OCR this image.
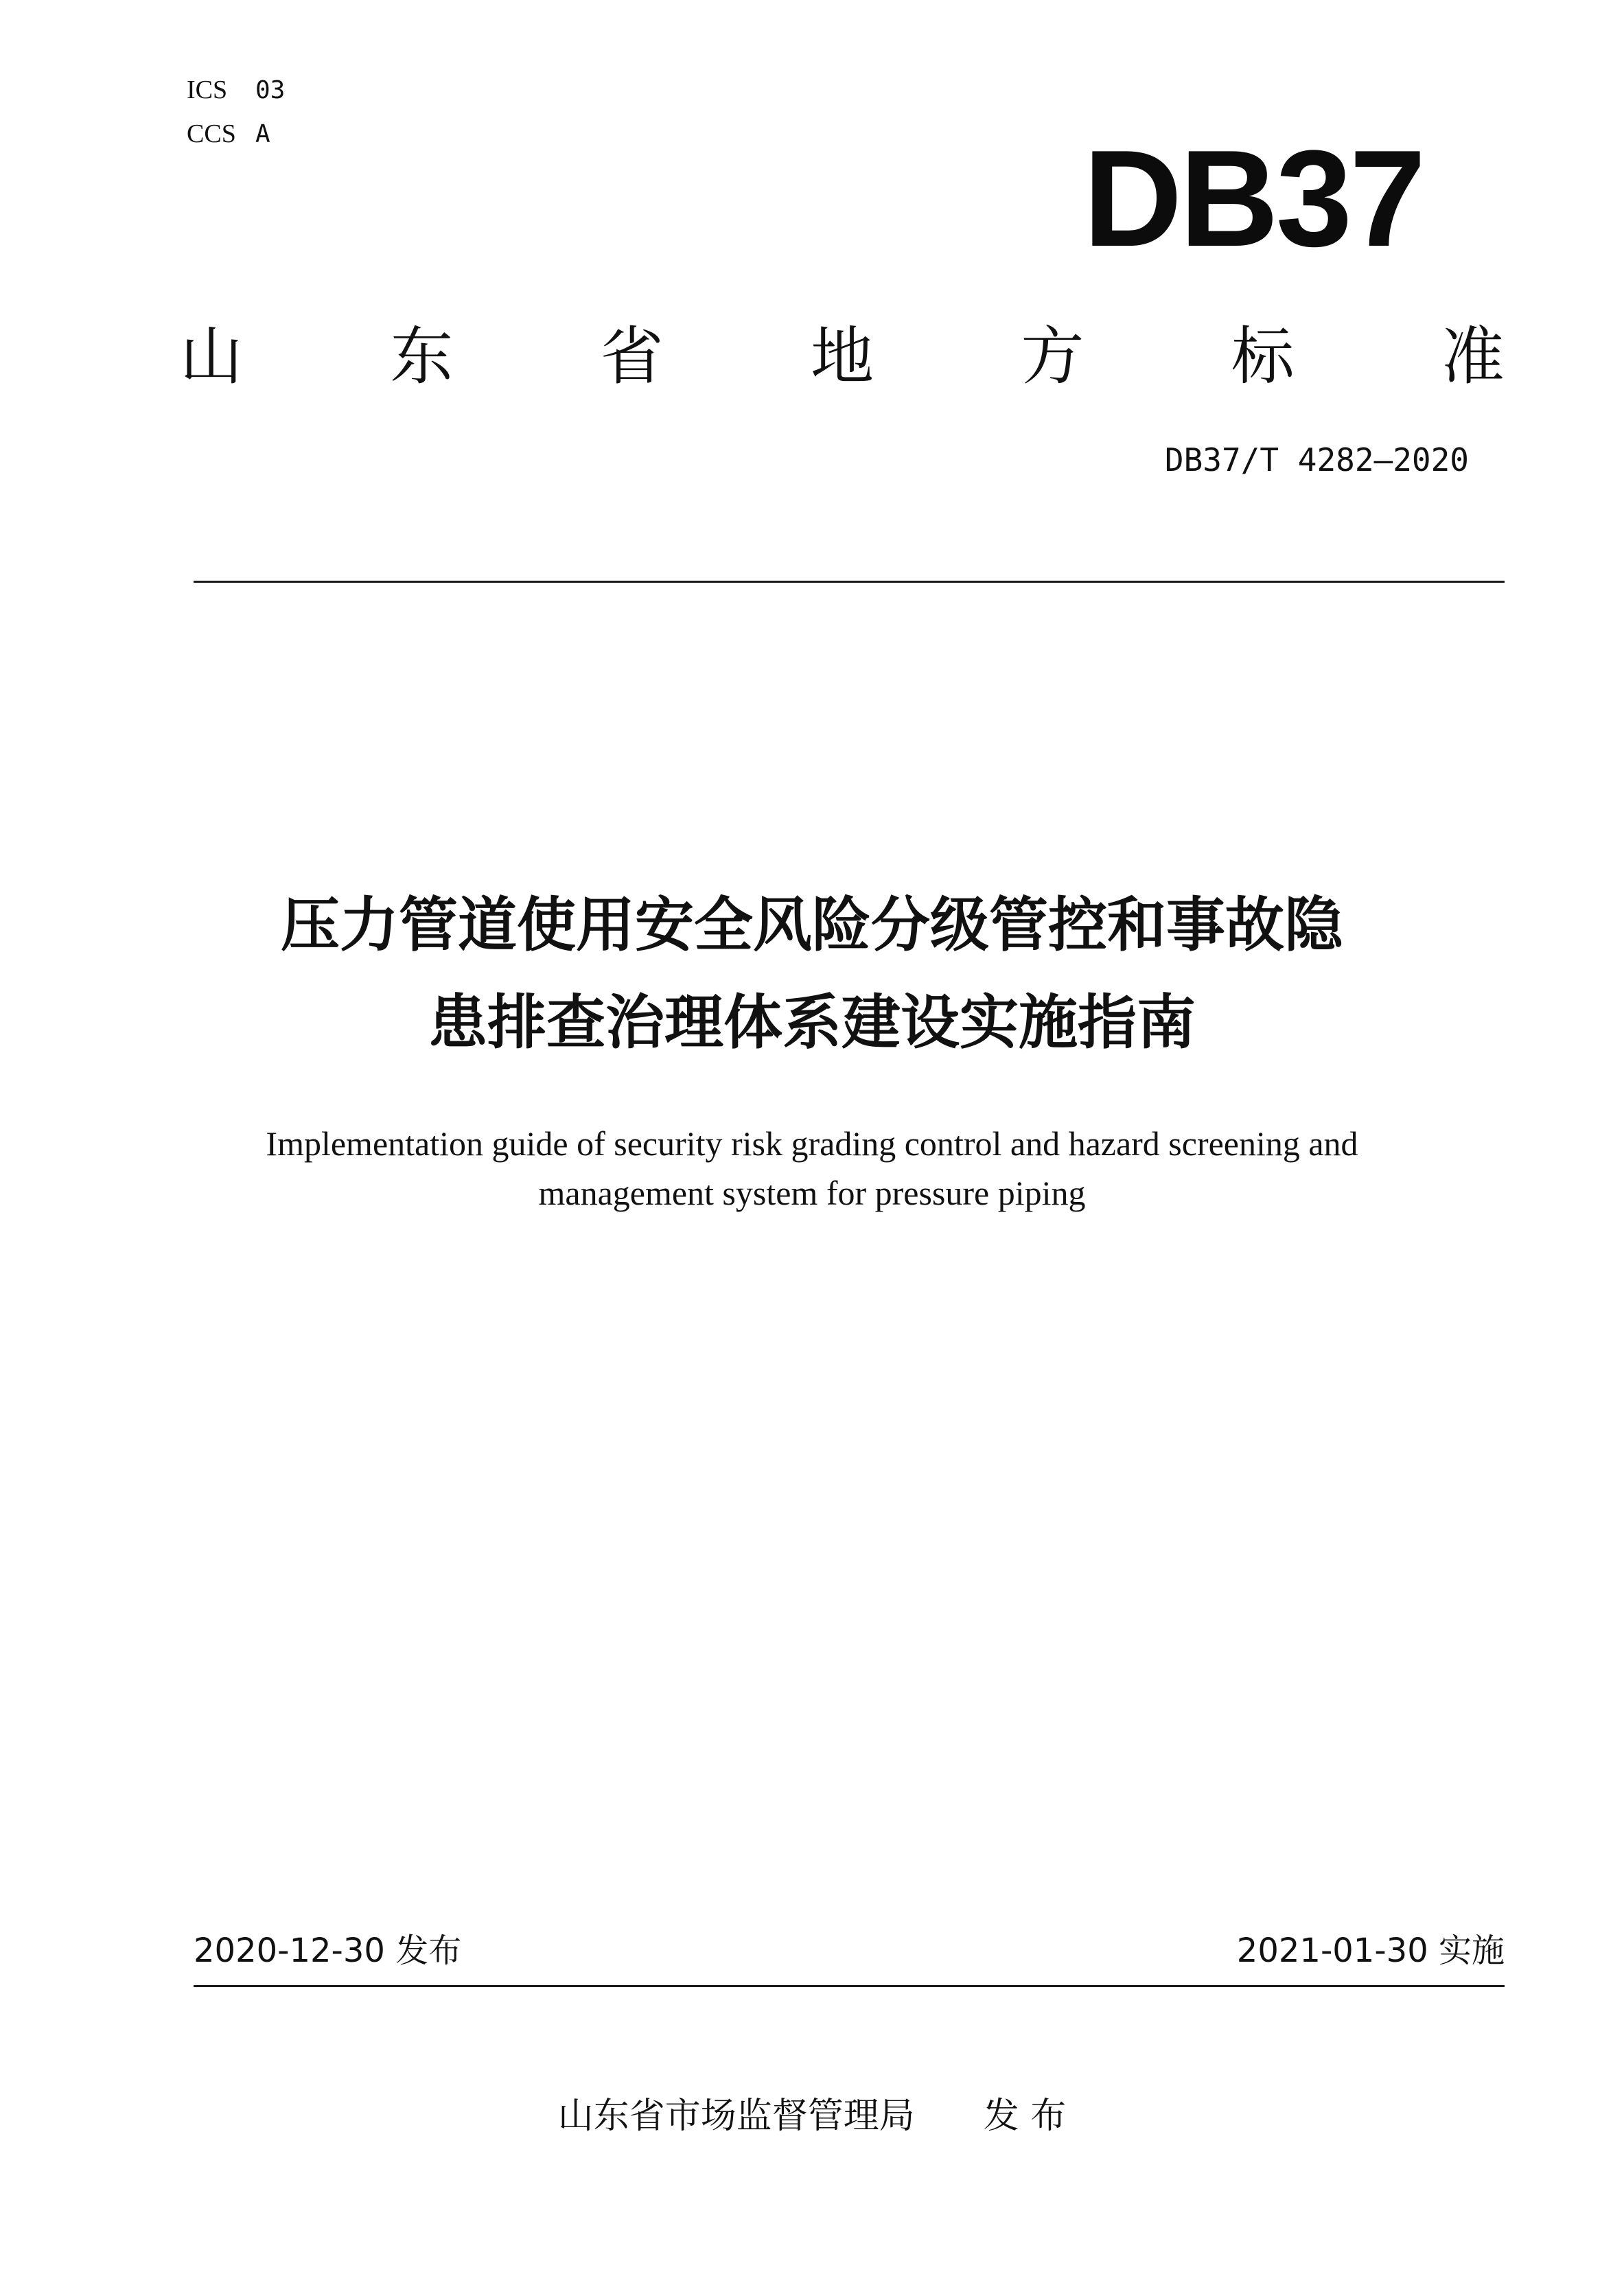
ICS 03
CCS A	DB37
山 东 省 地 方 标 准
DB37/T 4282—2020
压力管道使用安全风险分级管控和事故隐
患排查治理体系建设实施指南
Implementation guide of security risk grading control and hazard screening and
management system for pressure piping
2020-12-30 发布	2021-01-30 实施
山东省市场监督管理局 发 布
